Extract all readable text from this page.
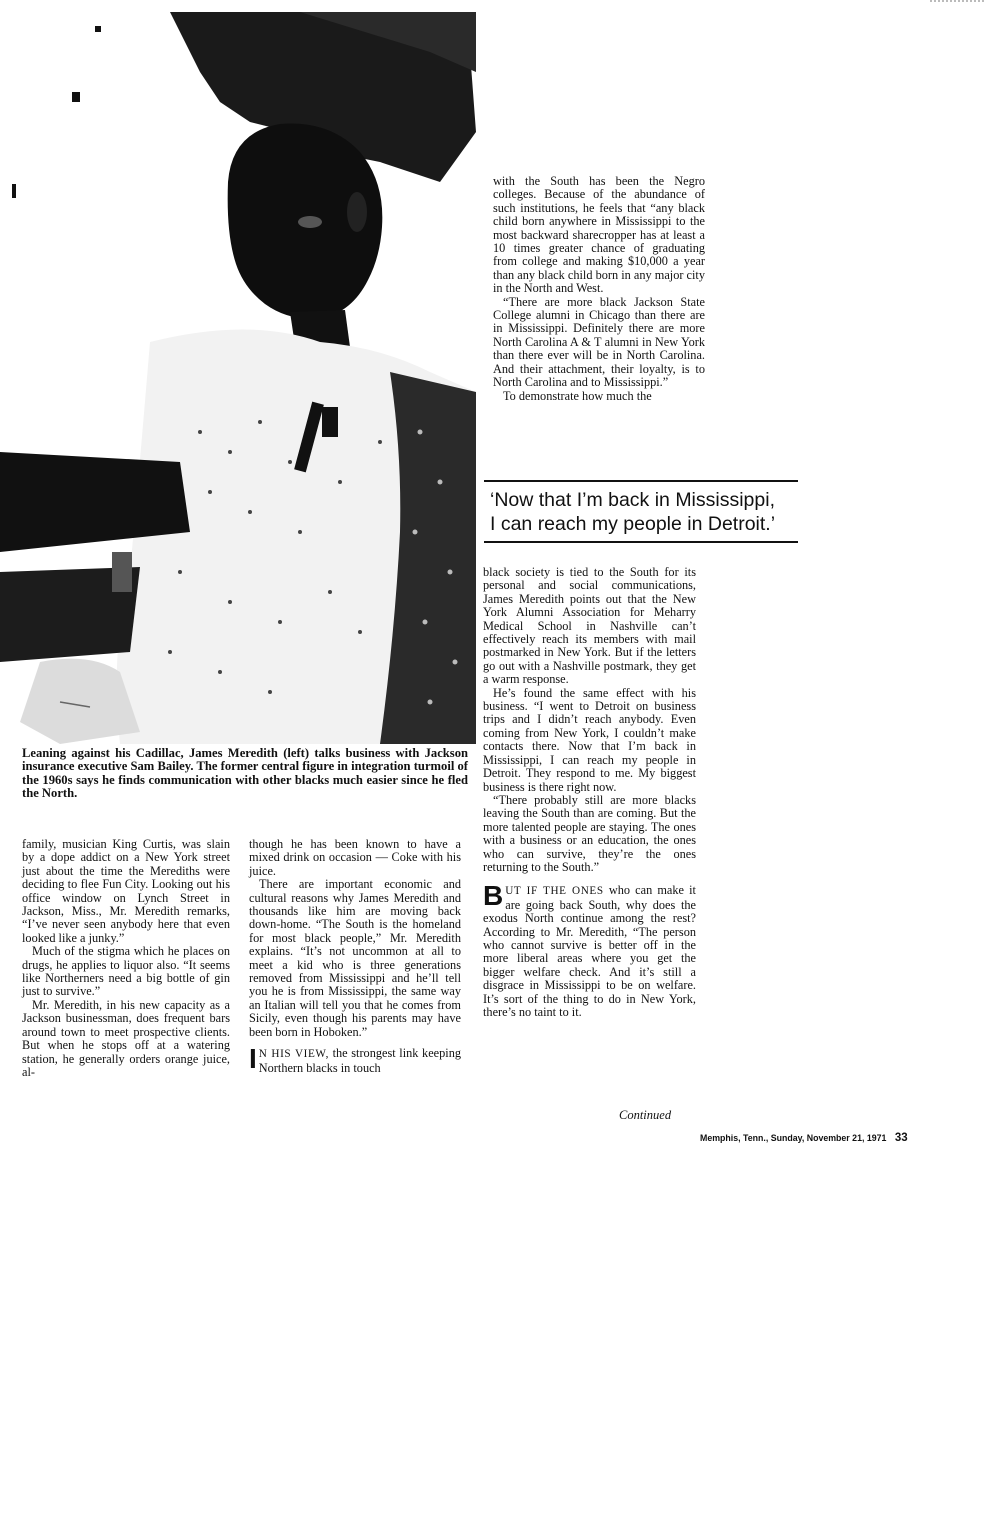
Leaning against his Cadillac, James Meredith (left) talks business with Jackson insurance executive Sam Bailey. The former central figure in integration turmoil of the 1960s says he finds communication with other blacks much easier since he fled the North.

with the South has been the Negro colleges. Because of the abundance of such institutions, he feels that “any black child born anywhere in Mississippi to the most backward sharecropper has at least a 10 times greater chance of graduating from college and making $10,000 a year than any black child born in any major city in the North and West.

“There are more black Jackson State College alumni in Chicago than there are in Mississippi. Definitely there are more North Carolina A & T alumni in New York than there ever will be in North Carolina. And their attachment, their loyalty, is to North Carolina and to Mississippi.”

To demonstrate how much the

‘Now that I’m back in Mississippi,
I can reach my people in Detroit.’

black society is tied to the South for its personal and social communications, James Meredith points out that the New York Alumni Association for Meharry Medical School in Nashville can’t effectively reach its members with mail postmarked in New York. But if the letters go out with a Nashville postmark, they get a warm response.

He’s found the same effect with his business. “I went to Detroit on business trips and I didn’t reach anybody. Even coming from New York, I couldn’t make contacts there. Now that I’m back in Mississippi, I can reach my people in Detroit. They respond to me. My biggest business is there right now.

“There probably still are more blacks leaving the South than are coming. But the more talented people are staying. The ones with a business or an education, the ones who can survive, they’re the ones returning to the South.”

BUT IF THE ONES who can make it are going back South, why does the exodus North continue among the rest? According to Mr. Meredith, “The person who cannot survive is better off in the more liberal areas where you get the bigger welfare check. And it’s still a disgrace in Mississippi to be on welfare. It’s sort of the thing to do in New York, there’s no taint to it.

Continued

family, musician King Curtis, was slain by a dope addict on a New York street just about the time the Merediths were deciding to flee Fun City. Looking out his office window on Lynch Street in Jackson, Miss., Mr. Meredith remarks, “I’ve never seen anybody here that even looked like a junky.”

Much of the stigma which he places on drugs, he applies to liquor also. “It seems like Northerners need a big bottle of gin just to survive.”

Mr. Meredith, in his new capacity as a Jackson businessman, does frequent bars around town to meet prospective clients. But when he stops off at a watering station, he generally orders orange juice, al-

though he has been known to have a mixed drink on occasion — Coke with his juice.

There are important economic and cultural reasons why James Meredith and thousands like him are moving back down-home. “The South is the homeland for most black people,” Mr. Meredith explains. “It’s not uncommon at all to meet a kid who is three generations removed from Mississippi and he’ll tell you he is from Mississippi, the same way an Italian will tell you that he comes from Sicily, even though his parents may have been born in Hoboken.”

I N HIS VIEW, the strongest link keeping Northern blacks in touch

Memphis, Tenn., Sunday, November 21, 1971 33
